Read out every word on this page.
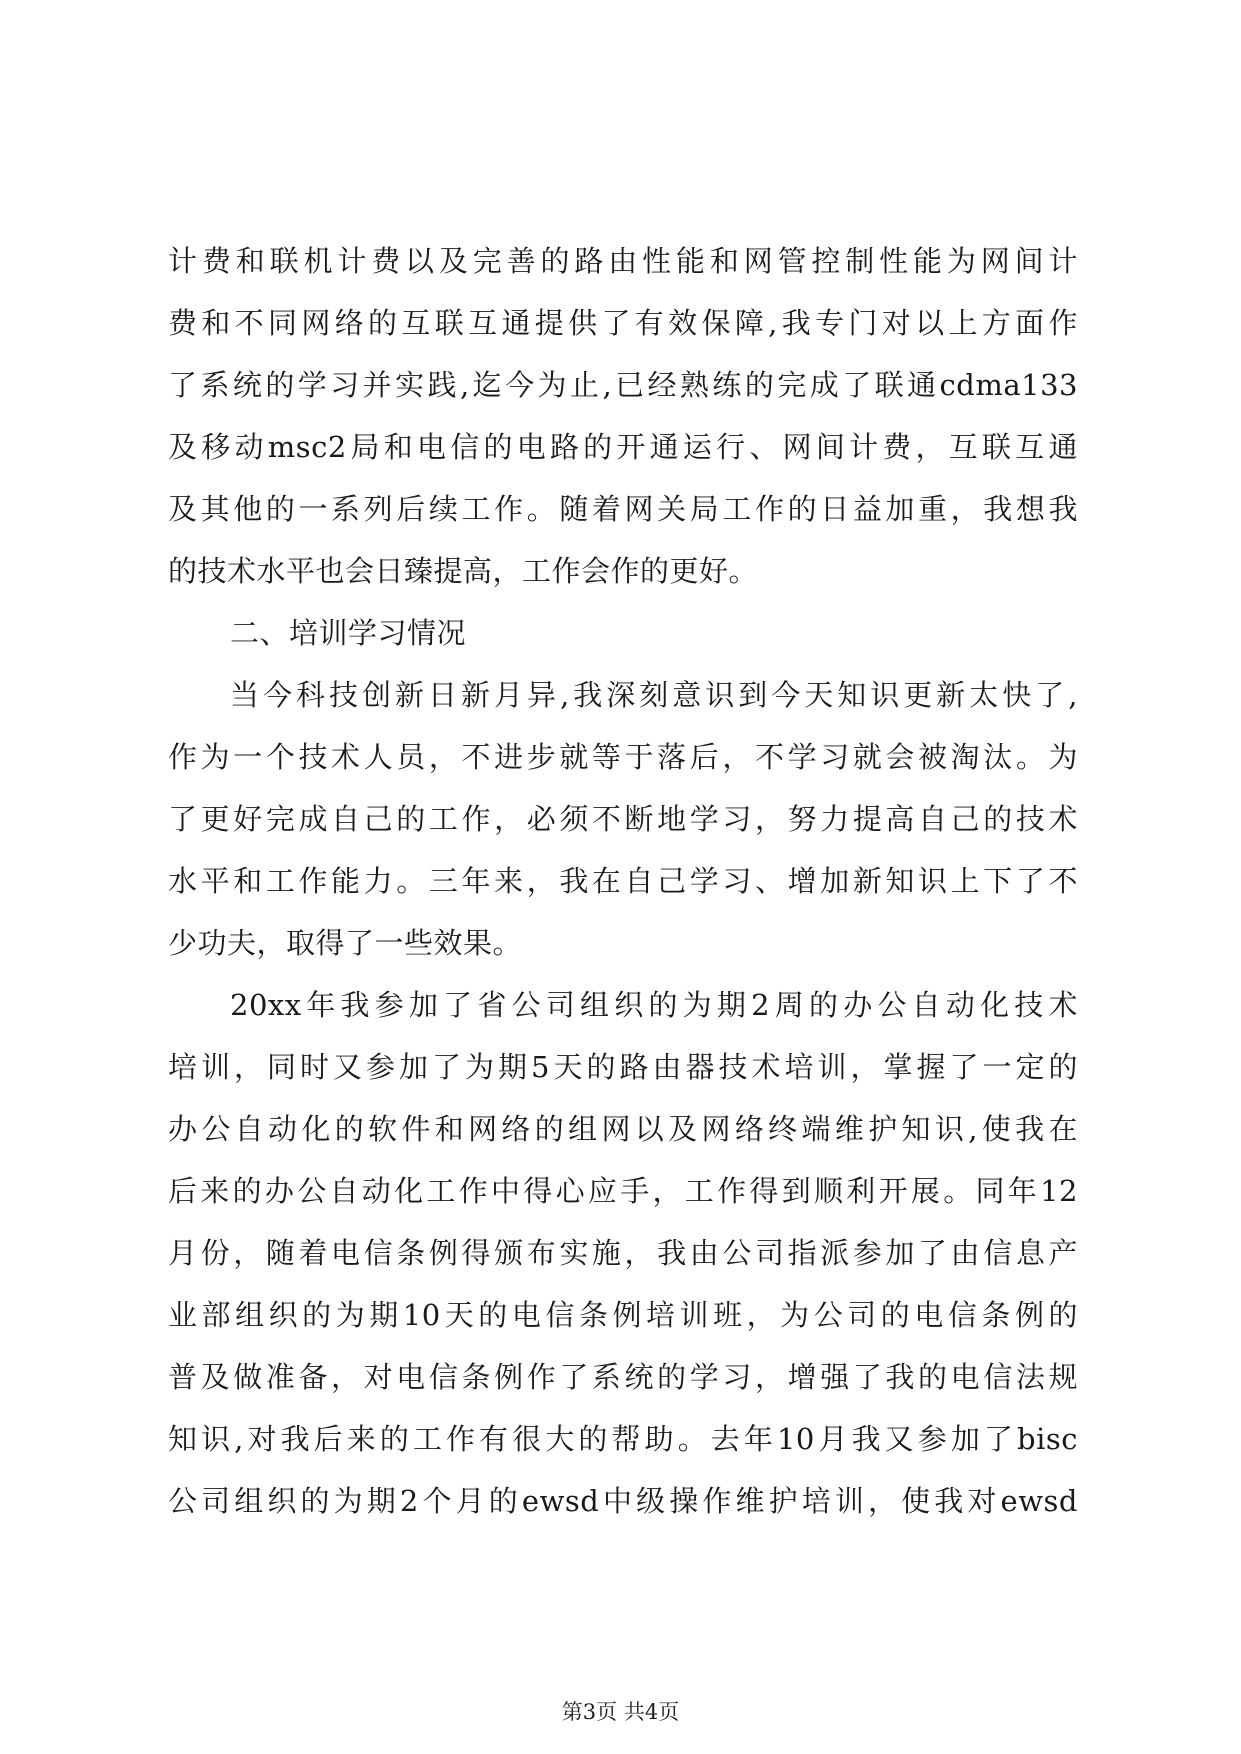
计费和联机计费以及完善的路由性能和网管控制性能为网间计
费和不同网络的互联互通提供了有效保障,我专门对以上方面作
了系统的学习并实践,迄今为止,已经熟练的完成了联通cdma133
及移动msc2局和电信的电路的开通运行、网间计费，互联互通
及其他的一系列后续工作。随着网关局工作的日益加重，我想我
的技术水平也会日臻提高，工作会作的更好。
二、培训学习情况
当今科技创新日新月异,我深刻意识到今天知识更新太快了,
作为一个技术人员，不进步就等于落后，不学习就会被淘汰。为
了更好完成自己的工作，必须不断地学习，努力提高自己的技术
水平和工作能力。三年来，我在自己学习、增加新知识上下了不
少功夫，取得了一些效果。
20xx年我参加了省公司组织的为期2周的办公自动化技术
培训，同时又参加了为期5天的路由器技术培训，掌握了一定的
办公自动化的软件和网络的组网以及网络终端维护知识,使我在
后来的办公自动化工作中得心应手，工作得到顺利开展。同年12
月份，随着电信条例得颁布实施，我由公司指派参加了由信息产
业部组织的为期10天的电信条例培训班，为公司的电信条例的
普及做准备，对电信条例作了系统的学习，增强了我的电信法规
知识,对我后来的工作有很大的帮助。去年10月我又参加了bisc
公司组织的为期2个月的ewsd中级操作维护培训，使我对ewsd
第3页 共4页
